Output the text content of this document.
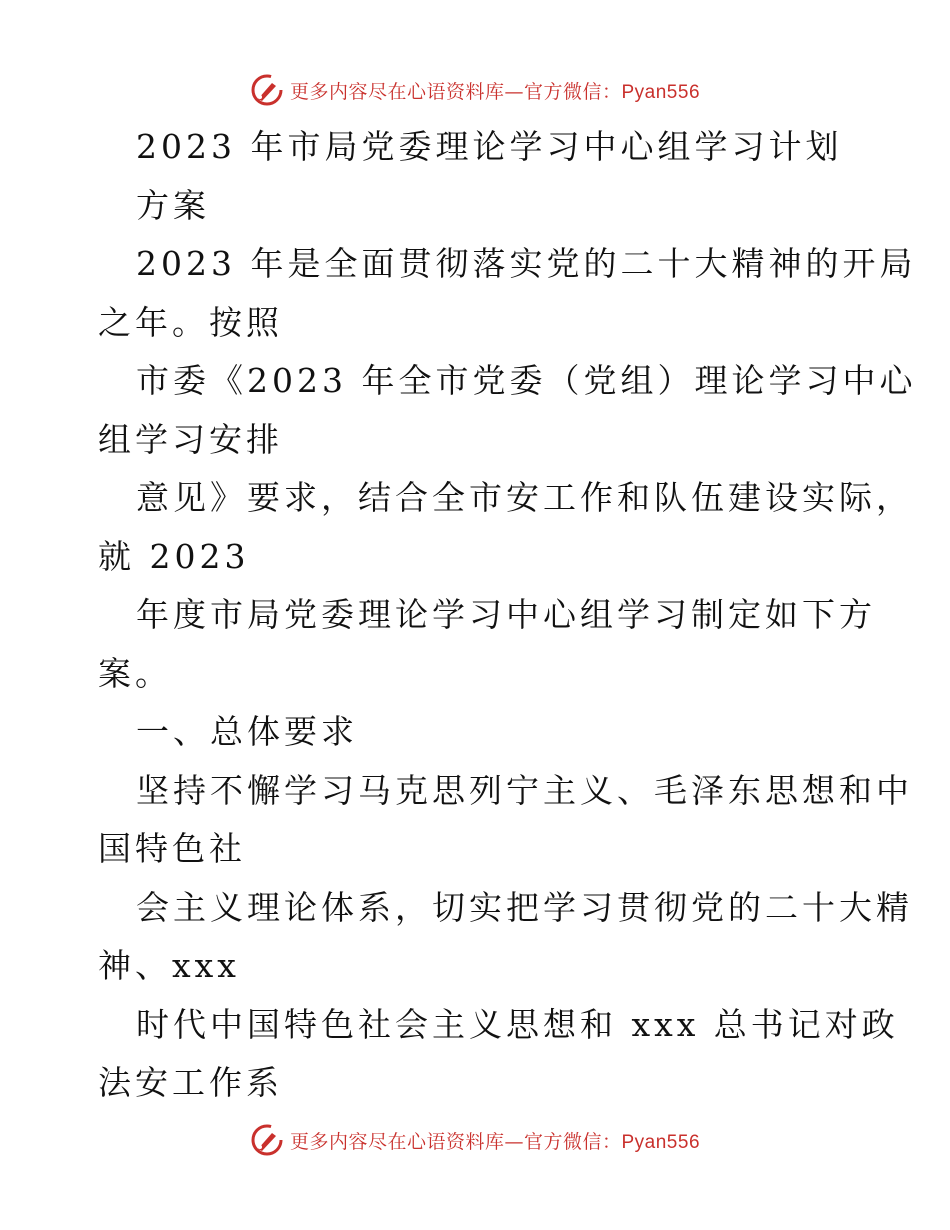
更多内容尽在心语资料库—官方微信：Pyan556
2023 年市局党委理论学习中心组学习计划
方案
2023 年是全面贯彻落实党的二十大精神的开局
之年。按照
市委《2023 年全市党委（党组）理论学习中心
组学习安排
意见》要求，结合全市安工作和队伍建设实际，
就 2023
年度市局党委理论学习中心组学习制定如下方
案。
一、总体要求
坚持不懈学习马克思列宁主义、毛泽东思想和中
国特色社
会主义理论体系，切实把学习贯彻党的二十大精
神、xxx
时代中国特色社会主义思想和 xxx 总书记对政
法安工作系
更多内容尽在心语资料库—官方微信：Pyan556
